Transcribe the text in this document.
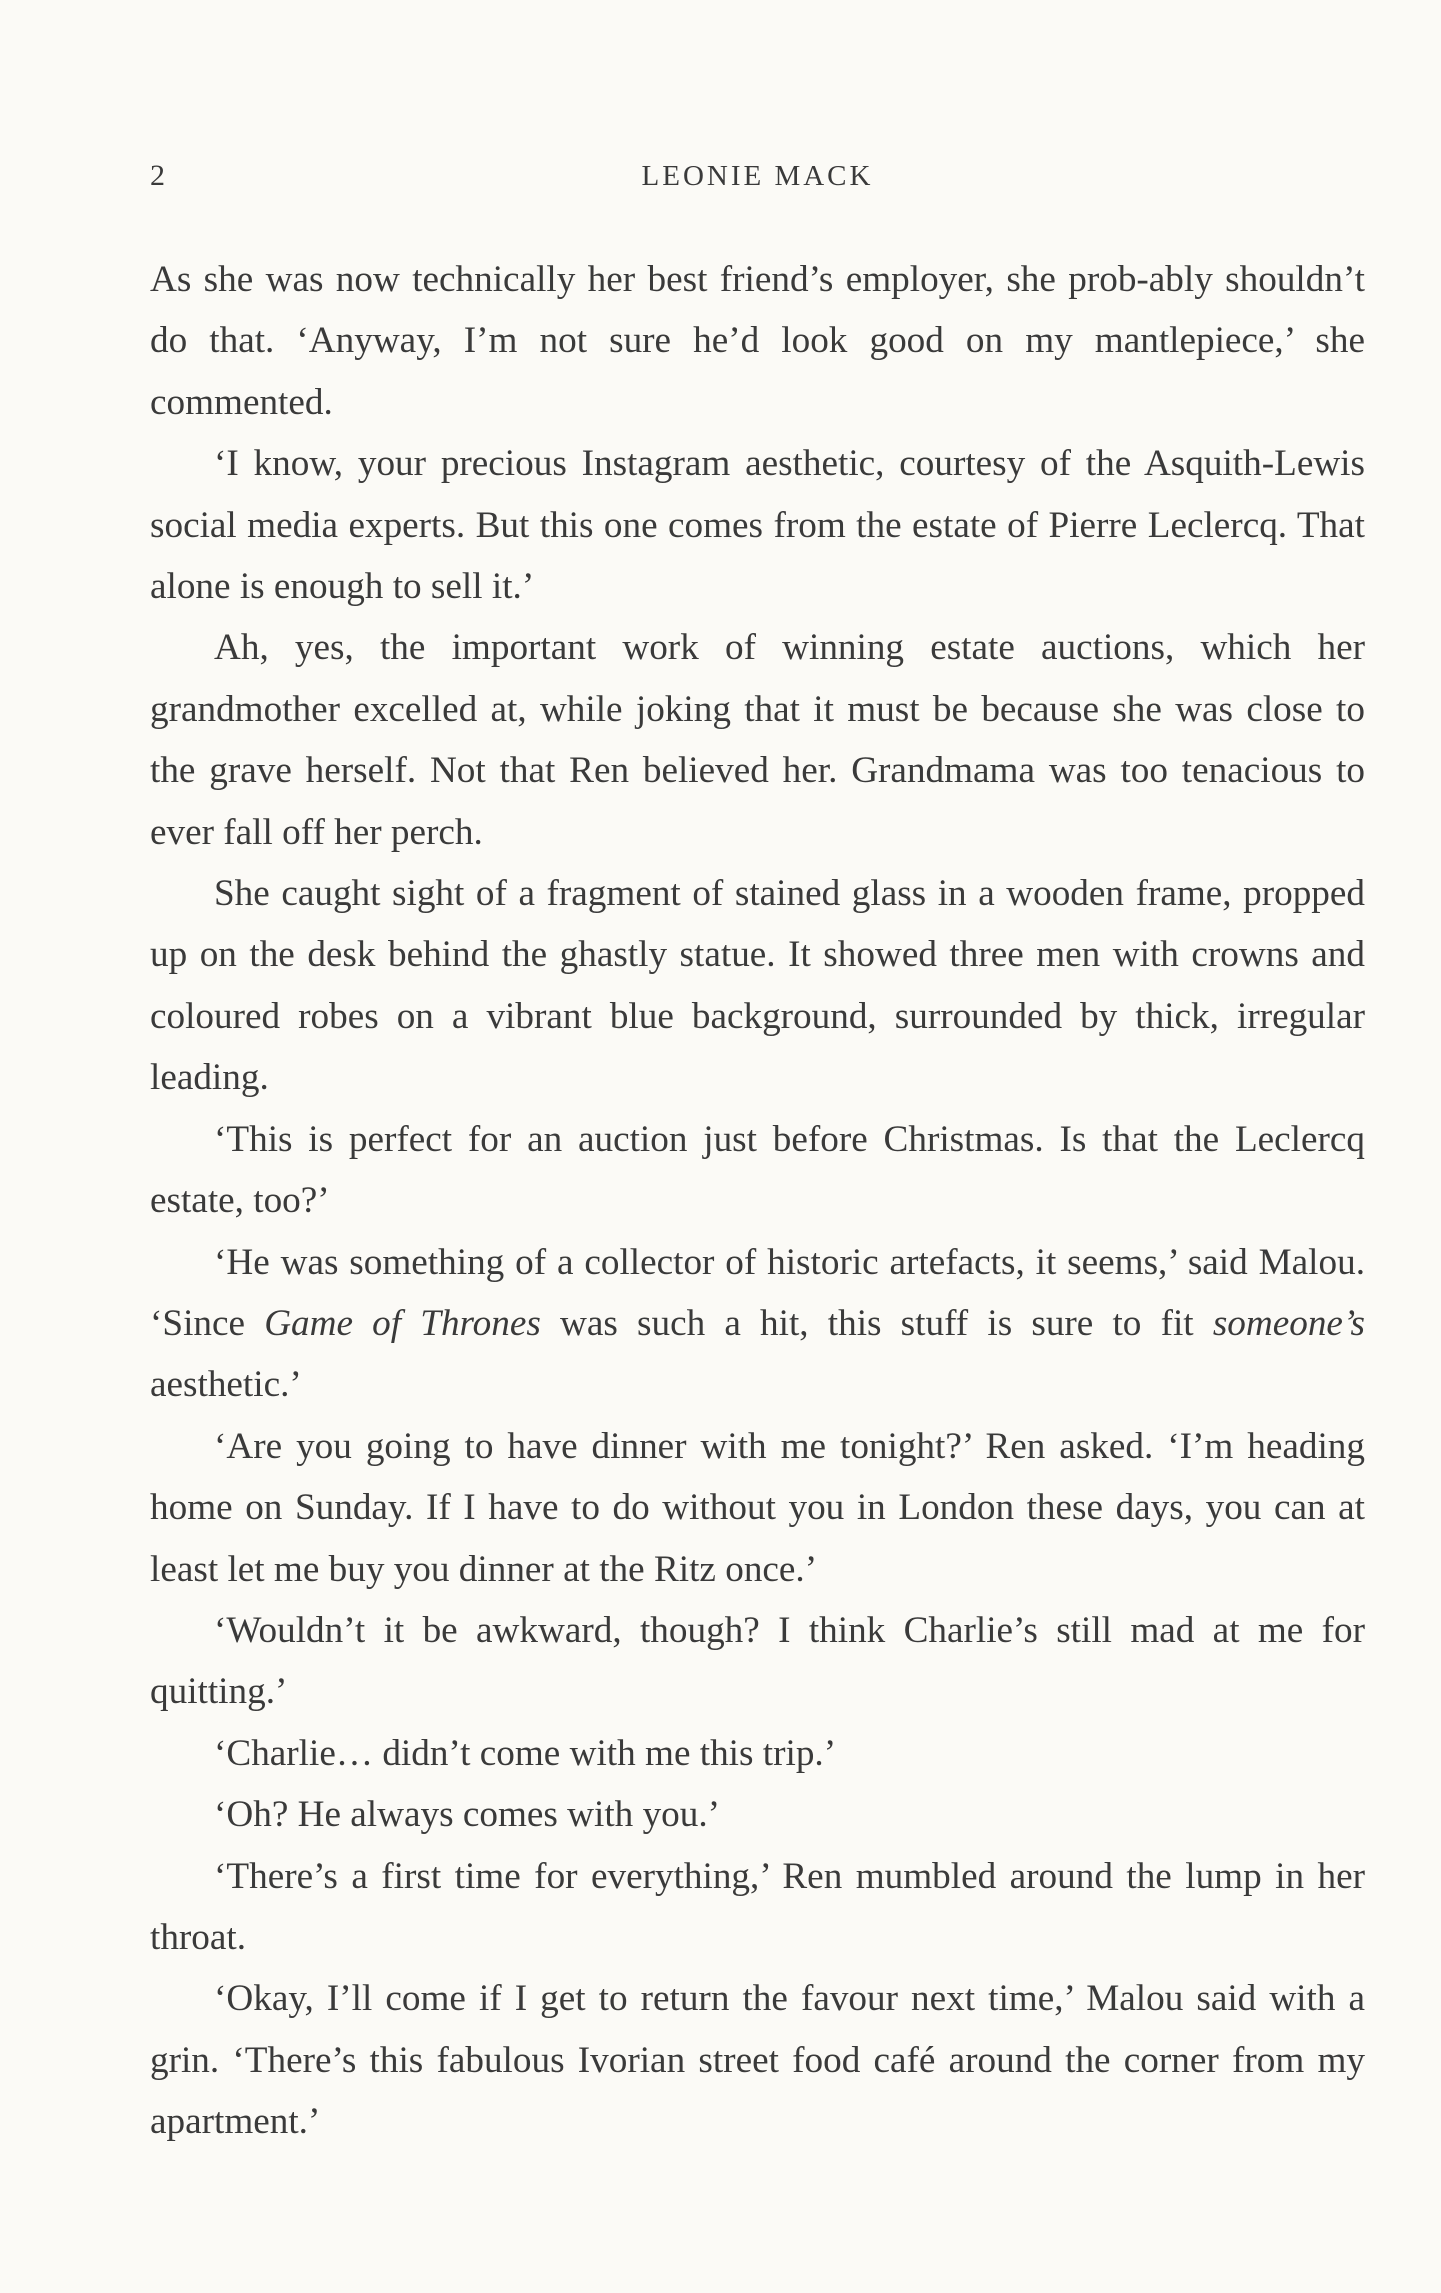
2	LEONIE MACK

As she was now technically her best friend’s employer, she prob-ably shouldn’t do that. ‘Anyway, I’m not sure he’d look good on my mantlepiece,’ she commented.

‘I know, your precious Instagram aesthetic, courtesy of the Asquith-Lewis social media experts. But this one comes from the estate of Pierre Leclercq. That alone is enough to sell it.’

Ah, yes, the important work of winning estate auctions, which her grandmother excelled at, while joking that it must be because she was close to the grave herself. Not that Ren believed her. Grandmama was too tenacious to ever fall off her perch.

She caught sight of a fragment of stained glass in a wooden frame, propped up on the desk behind the ghastly statue. It showed three men with crowns and coloured robes on a vibrant blue background, surrounded by thick, irregular leading.

‘This is perfect for an auction just before Christmas. Is that the Leclercq estate, too?’

‘He was something of a collector of historic artefacts, it seems,’ said Malou. ‘Since Game of Thrones was such a hit, this stuff is sure to fit someone’s aesthetic.’

‘Are you going to have dinner with me tonight?’ Ren asked. ‘I’m heading home on Sunday. If I have to do without you in London these days, you can at least let me buy you dinner at the Ritz once.’

‘Wouldn’t it be awkward, though? I think Charlie’s still mad at me for quitting.’

‘Charlie… didn’t come with me this trip.’

‘Oh? He always comes with you.’

‘There’s a first time for everything,’ Ren mumbled around the lump in her throat.

‘Okay, I’ll come if I get to return the favour next time,’ Malou said with a grin. ‘There’s this fabulous Ivorian street food café around the corner from my apartment.’
